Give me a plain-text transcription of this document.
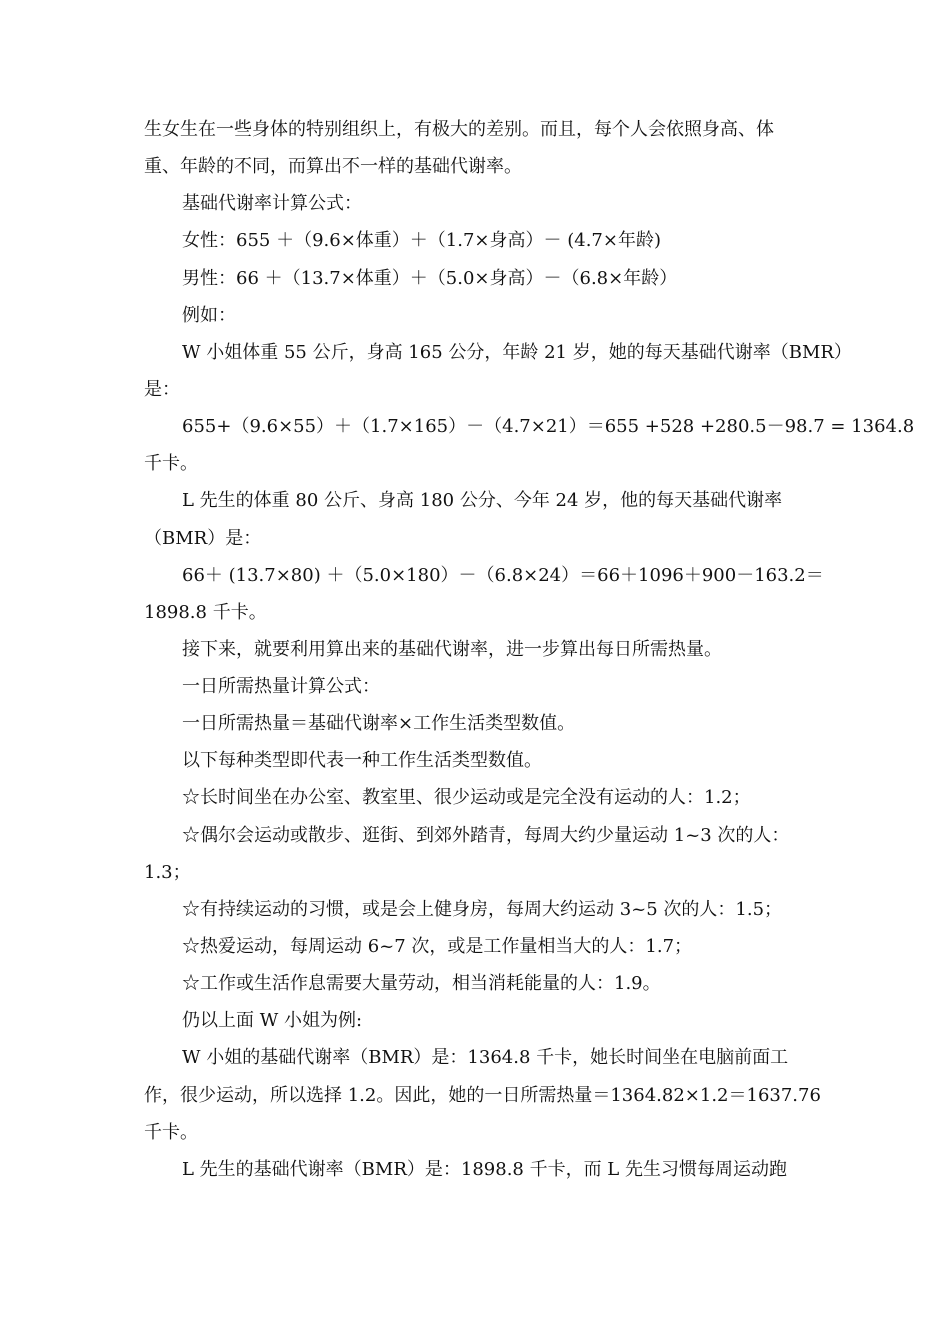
生女生在一些身体的特别组织上，有极大的差别。而且，每个人会依照身高、体
重、年龄的不同，而算出不一样的基础代谢率。
基础代谢率计算公式：
女性：655 ＋（9.6×体重）＋（1.7×身高）－ (4.7×年龄)
男性：66 ＋（13.7×体重）＋（5.0×身高）－（6.8×年龄）
例如：
W 小姐体重 55 公斤，身高 165 公分，年龄 21 岁，她的每天基础代谢率（BMR）
是：
655+（9.6×55）＋（1.7×165）－（4.7×21）＝655 +528 +280.5－98.7 = 1364.8
千卡。
L 先生的体重 80 公斤、身高 180 公分、今年 24 岁，他的每天基础代谢率
（BMR）是：
66＋ (13.7×80) ＋（5.0×180）－（6.8×24）＝66＋1096＋900－163.2＝
1898.8 千卡。
接下来，就要利用算出来的基础代谢率，进一步算出每日所需热量。
一日所需热量计算公式：
一日所需热量＝基础代谢率×工作生活类型数值。
以下每种类型即代表一种工作生活类型数值。
☆长时间坐在办公室、教室里、很少运动或是完全没有运动的人：1.2；
☆偶尔会运动或散步、逛街、到郊外踏青，每周大约少量运动 1~3 次的人：
1.3；
☆有持续运动的习惯，或是会上健身房，每周大约运动 3~5 次的人：1.5；
☆热爱运动，每周运动 6~7 次，或是工作量相当大的人：1.7；
☆工作或生活作息需要大量劳动，相当消耗能量的人：1.9。
仍以上面 W 小姐为例:
W 小姐的基础代谢率（BMR）是：1364.8 千卡，她长时间坐在电脑前面工
作，很少运动，所以选择 1.2。因此，她的一日所需热量＝1364.82×1.2＝1637.76
千卡。
L 先生的基础代谢率（BMR）是：1898.8 千卡，而 L 先生习惯每周运动跑
